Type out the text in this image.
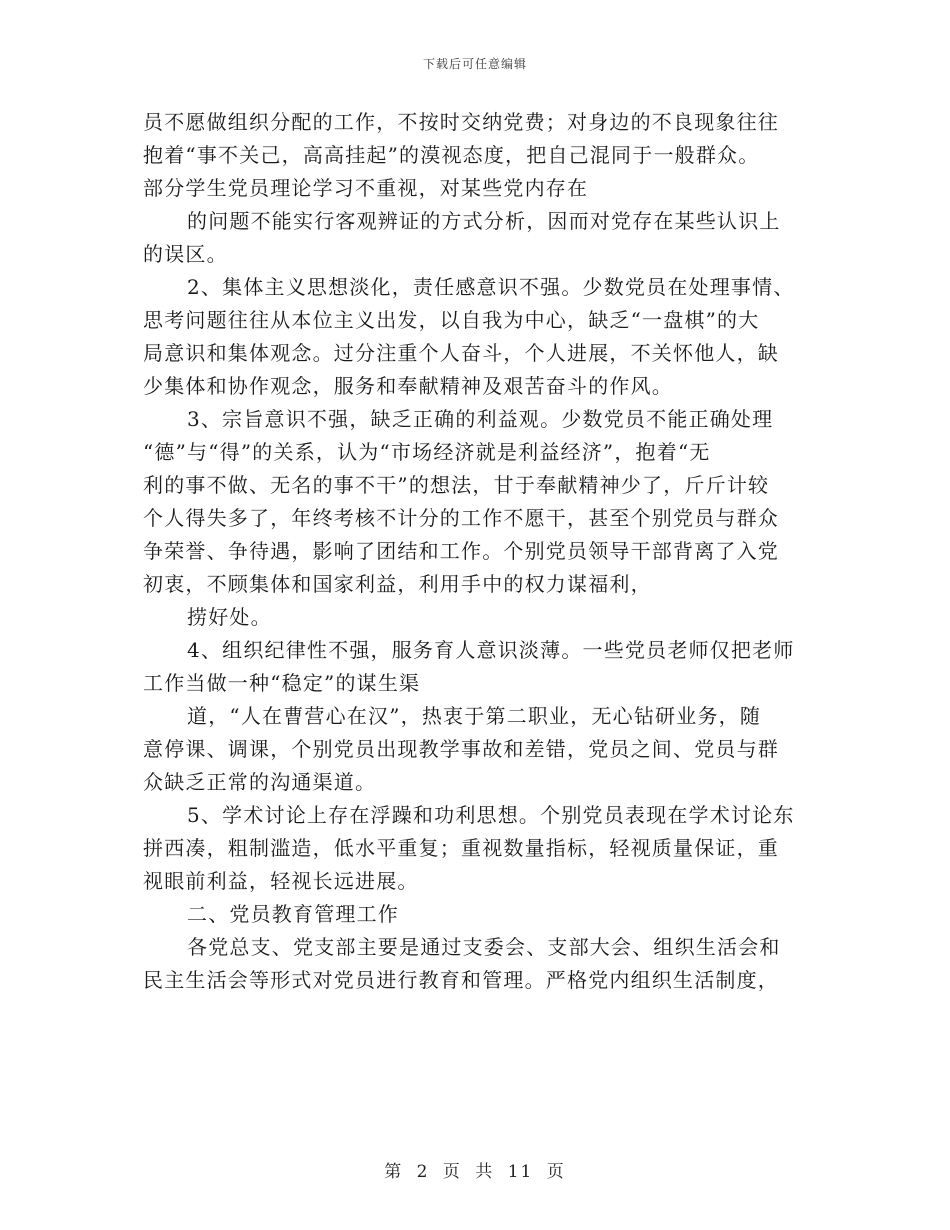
下载后可任意编辑
员不愿做组织分配的工作，不按时交纳党费；对身边的不良现象往往
抱着“事不关己，高高挂起”的漠视态度，把自己混同于一般群众。
部分学生党员理论学习不重视，对某些党内存在
的问题不能实行客观辨证的方式分析，因而对党存在某些认识上
的误区。
2、集体主义思想淡化，责任感意识不强。少数党员在处理事情、
思考问题往往从本位主义出发，以自我为中心，缺乏“一盘棋”的大
局意识和集体观念。过分注重个人奋斗，个人进展，不关怀他人，缺
少集体和协作观念，服务和奉献精神及艰苦奋斗的作风。
3、宗旨意识不强，缺乏正确的利益观。少数党员不能正确处理
“德”与“得”的关系，认为“市场经济就是利益经济”，抱着“无
利的事不做、无名的事不干”的想法，甘于奉献精神少了，斤斤计较
个人得失多了，年终考核不计分的工作不愿干，甚至个别党员与群众
争荣誉、争待遇，影响了团结和工作。个别党员领导干部背离了入党
初衷，不顾集体和国家利益，利用手中的权力谋福利，
捞好处。
4、组织纪律性不强，服务育人意识淡薄。一些党员老师仅把老师
工作当做一种“稳定”的谋生渠
道，“人在曹营心在汉”，热衷于第二职业，无心钻研业务，随
意停课、调课，个别党员出现教学事故和差错，党员之间、党员与群
众缺乏正常的沟通渠道。
5、学术讨论上存在浮躁和功利思想。个别党员表现在学术讨论东
拼西凑，粗制滥造，低水平重复；重视数量指标，轻视质量保证，重
视眼前利益，轻视长远进展。
二、党员教育管理工作
各党总支、党支部主要是通过支委会、支部大会、组织生活会和
民主生活会等形式对党员进行教育和管理。严格党内组织生活制度，
第 2 页 共 11 页
